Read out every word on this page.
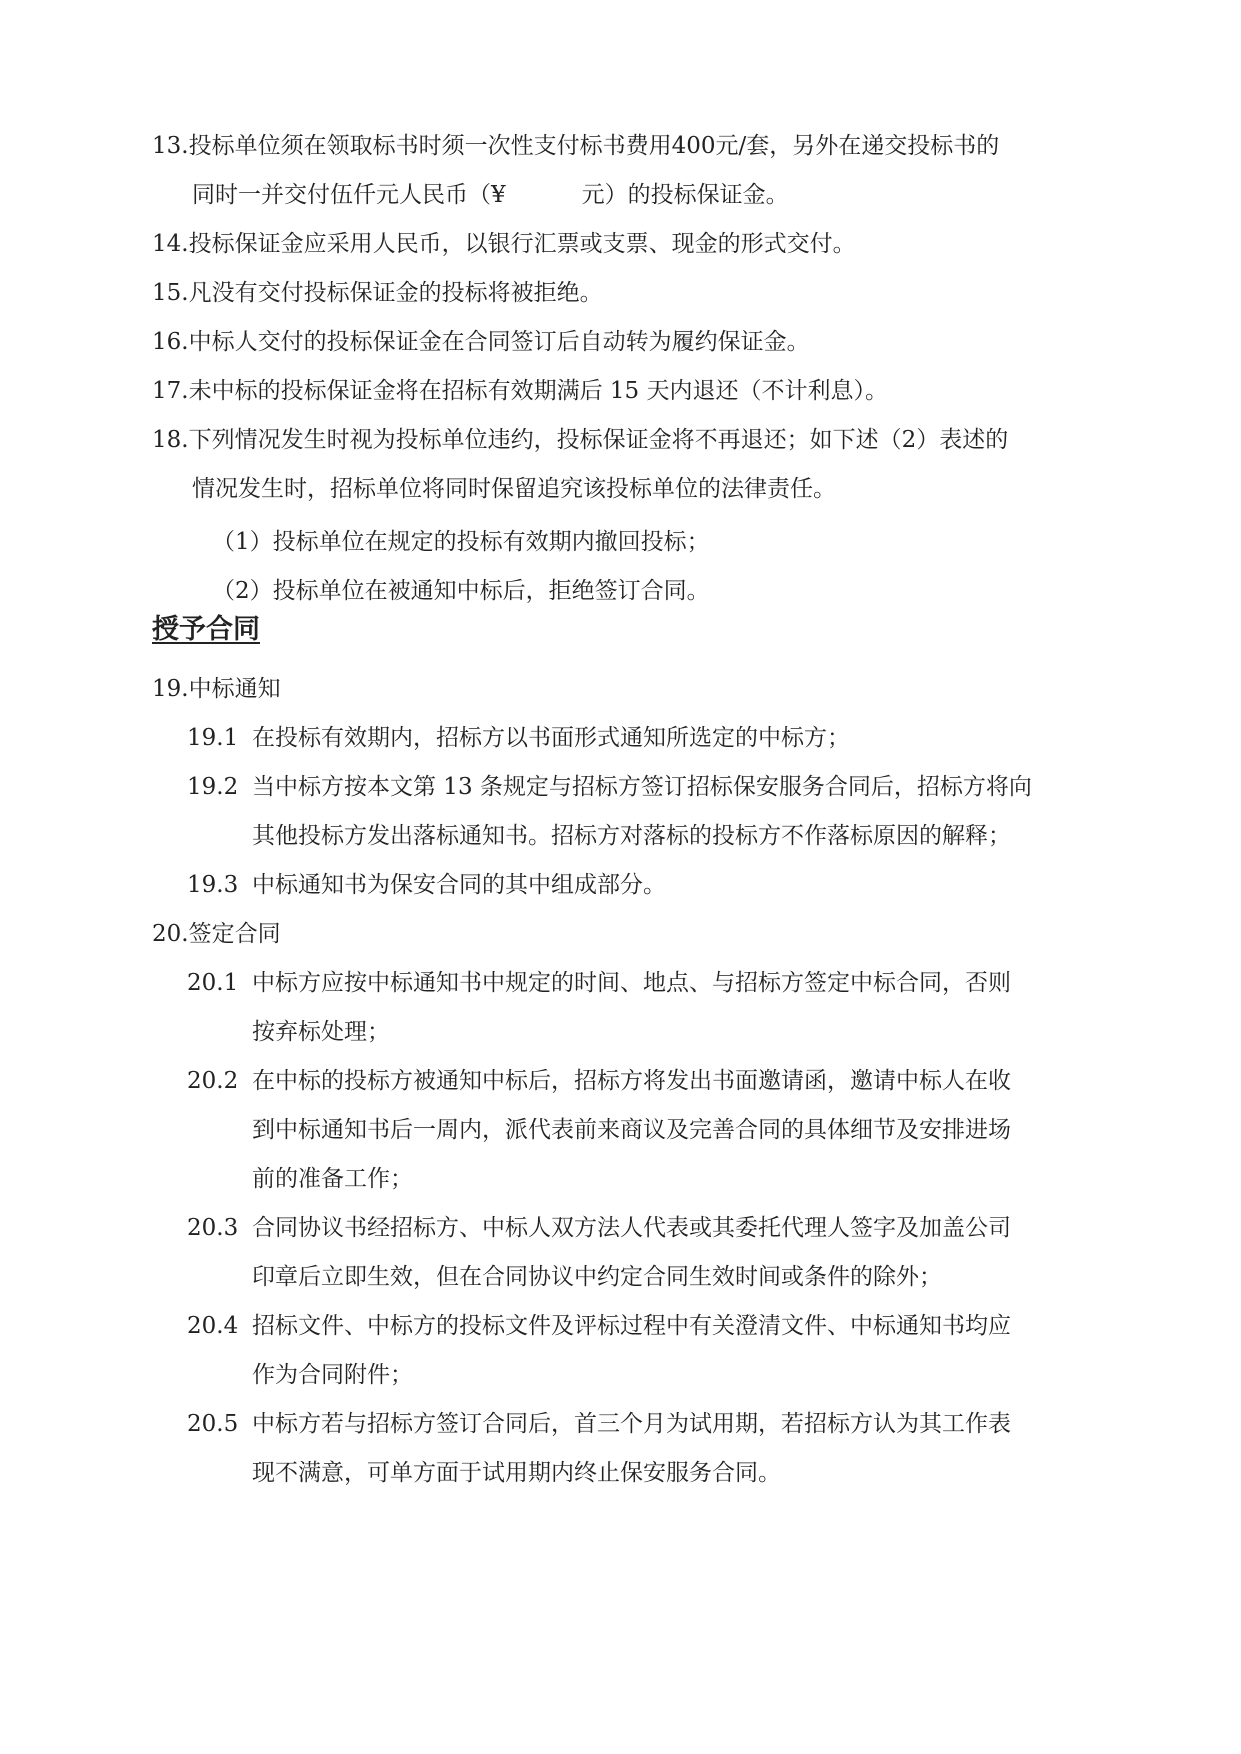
13.投标单位须在领取标书时须一次性支付标书费用400元/套，另外在递交投标书的
同时一并交付伍仟元人民币（¥	元）的投标保证金。
14.投标保证金应采用人民币，以银行汇票或支票、现金的形式交付。
15.凡没有交付投标保证金的投标将被拒绝。
16.中标人交付的投标保证金在合同签订后自动转为履约保证金。
17.未中标的投标保证金将在招标有效期满后 15 天内退还（不计利息）。
18.下列情况发生时视为投标单位违约，投标保证金将不再退还；如下述（2）表述的
情况发生时，招标单位将同时保留追究该投标单位的法律责任。
（1）投标单位在规定的投标有效期内撤回投标；
（2）投标单位在被通知中标后，拒绝签订合同。
授予合同
19.中标通知
19.1 在投标有效期内，招标方以书面形式通知所选定的中标方；
19.2 当中标方按本文第 13 条规定与招标方签订招标保安服务合同后，招标方将向
其他投标方发出落标通知书。招标方对落标的投标方不作落标原因的解释；
19.3 中标通知书为保安合同的其中组成部分。
20.签定合同
20.1 中标方应按中标通知书中规定的时间、地点、与招标方签定中标合同，否则
按弃标处理；
20.2 在中标的投标方被通知中标后，招标方将发出书面邀请函，邀请中标人在收
到中标通知书后一周内，派代表前来商议及完善合同的具体细节及安排进场
前的准备工作；
20.3 合同协议书经招标方、中标人双方法人代表或其委托代理人签字及加盖公司
印章后立即生效，但在合同协议中约定合同生效时间或条件的除外；
20.4 招标文件、中标方的投标文件及评标过程中有关澄清文件、中标通知书均应
作为合同附件；
20.5 中标方若与招标方签订合同后，首三个月为试用期，若招标方认为其工作表
现不满意，可单方面于试用期内终止保安服务合同。
